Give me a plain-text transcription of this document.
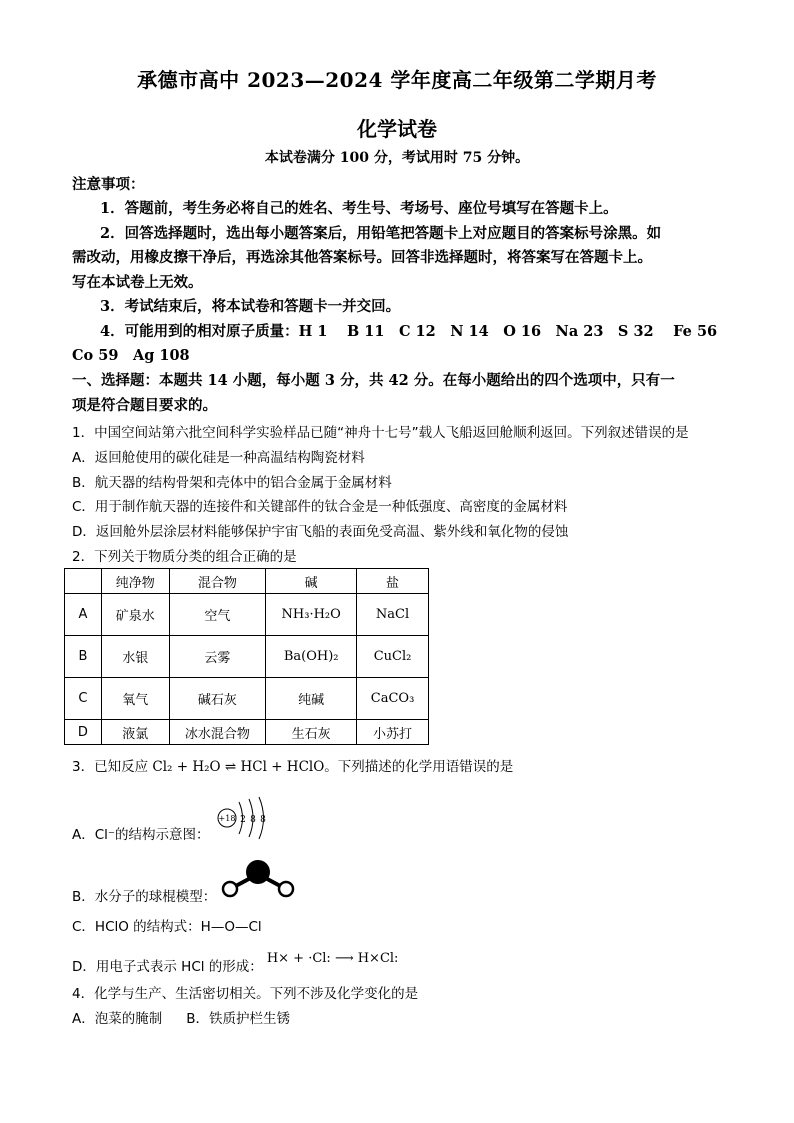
承德市高中 2023—2024 学年度高二年级第二学期月考
化学试卷
本试卷满分 100 分，考试用时 75 分钟。
注意事项：
1．答题前，考生务必将自己的姓名、考生号、考场号、座位号填写在答题卡上。
2．回答选择题时，选出每小题答案后，用铅笔把答题卡上对应题目的答案标号涂黑。如
需改动，用橡皮擦干净后，再选涂其他答案标号。回答非选择题时，将答案写在答题卡上。
写在本试卷上无效。
3．考试结束后，将本试卷和答题卡一并交回。
4．可能用到的相对原子质量：H 1　 B 11　C 12　N 14　O 16　Na 23　S 32　 Fe 56
Co 59　Ag 108
一、选择题：本题共 14 小题，每小题 3 分，共 42 分。在每小题给出的四个选项中，只有一
项是符合题目要求的。
1．中国空间站第六批空间科学实验样品已随“神舟十七号”载人飞船返回舱顺利返回。下列叙述错误的是
A．返回舱使用的碳化硅是一种高温结构陶瓷材料
B．航天器的结构骨架和壳体中的铝合金属于金属材料
C．用于制作航天器的连接件和关键部件的钛合金是一种低强度、高密度的金属材料
D．返回舱外层涂层材料能够保护宇宙飞船的表面免受高温、紫外线和氧化物的侵蚀
2．下列关于物质分类的组合正确的是
	纯净物	混合物	碱	盐
A	矿泉水	空气	NH₃·H₂O	NaCl
B	水银	云雾	Ba(OH)₂	CuCl₂
C	氧气	碱石灰	纯碱	CaCO₃
D	液氯	冰水混合物	生石灰	小苏打
3．已知反应 Cl₂ + H₂O ⇌ HCl + HClO。下列描述的化学用语错误的是
A．Cl⁻的结构示意图：
+18 2 8 8
B．水分子的球棍模型：
C．HClO 的结构式：H—O—Cl
D．用电子式表示 HCl 的形成：H× + ·Cl: ⟶ H×Cl:
4．化学与生产、生活密切相关。下列不涉及化学变化的是
A．泡菜的腌制 B．铁质护栏生锈
